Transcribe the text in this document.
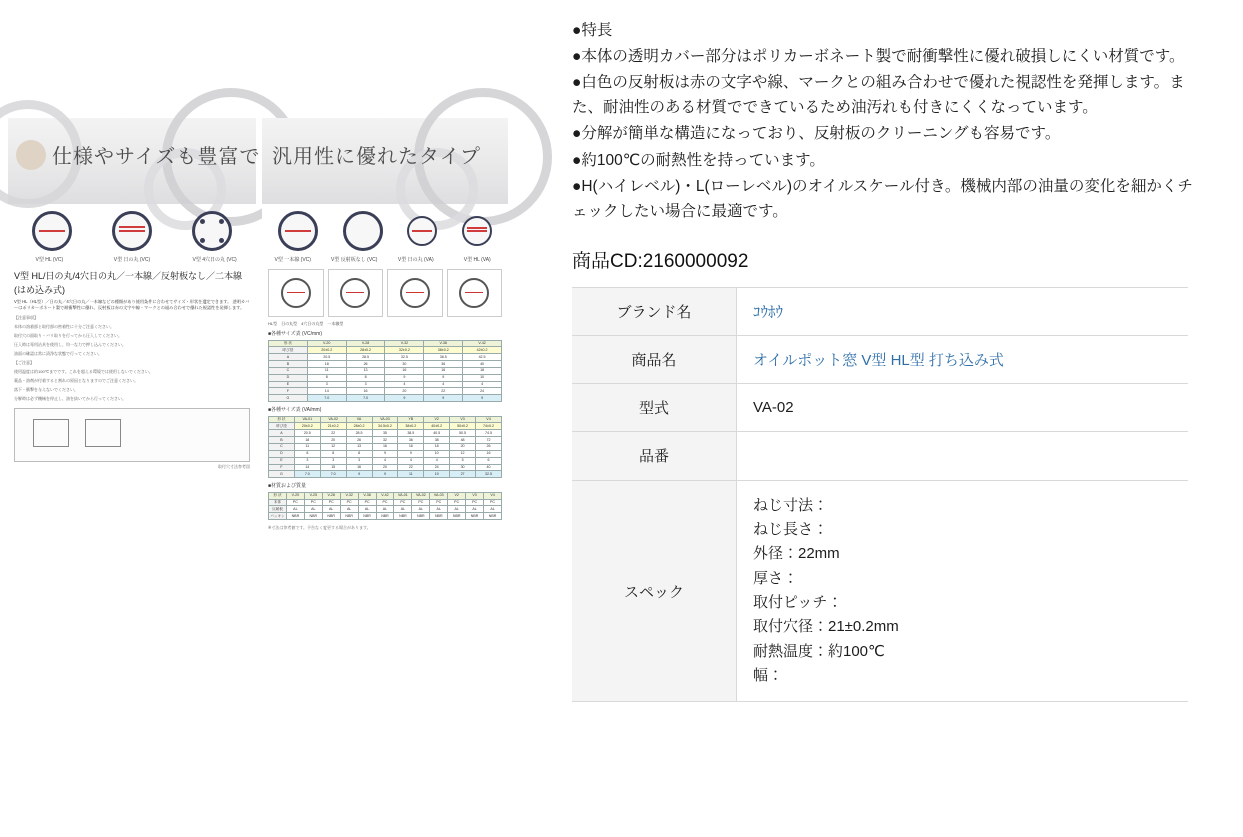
仕様やサイズも豊富で
V型 HL (VC)	V型 日の丸 (VC)	V型 4穴日の丸 (VC)
V型 HL/日の丸/4穴日の丸／一本線／反射板なし／二本線 (はめ込み式)

V型 HL（HL型）／日の丸／4穴日の丸／一本線などの種類があり使用条件に合わせてサイズ・形状を選定できます。 透明カバーはポリカーボネート製で耐衝撃性に優れ、反射板は赤の文字や線・マークとの組み合わせで優れた視認性を発揮します。

【注意事項】

本体の溶着部と取付部の密着性に十分ご注意ください。

取付穴の面取り・バリ取りを行ってから圧入してください。

圧入時は専用治具を使用し、均一な力で押し込んでください。

油面の確認は常に清浄な状態で行ってください。

【ご注意】

使用温度は約100℃までです。これを超える環境では使用しないでください。

薬品・溶剤が付着すると割れの原因となりますのでご注意ください。

落下・衝撃を与えないでください。

分解時は必ず機械を停止し、油を抜いてから行ってください。

取付穴寸法参考図
汎用性に優れたタイプ
V型 一本線 (VC)	V型 反射板なし (VC)	V型 日の丸 (VA)	V型 HL (VA)
HL型 日の丸型 4穴日の丸型 一本線型
■各種サイズ表 (VC/mm)
形 状	V-20	V-28	V-32	V-38	V-42
呼び径	20±0.2	28±0.2	32±0.2	38±0.2	42±0.2
A	20.5	28.5	32.5	38.5	42.5
B	18	26	30	36	40
C	11	13	16	16	18
D	8	8	9	9	10
E	3	3	4	4	4
F	14	16	20	22	24
G	7.0	7.0	9	9	9
■各種サイズ表 (VA/mm)
形 状	VA-01	VA-02	VA	VA-03	YB	V2	V3	V4
呼び径	20±0.2	21±0.2	28±0.2	34.5±0.2	38±0.2	40±0.2	50±0.2	74±0.2
A	20.5	22	28.5	35	38.5	40.5	50.5	74.5
B	18	20	26	32	36	38	48	72
C	11	12	13	16	16	18	20	26
D	8	8	8	9	9	10	12	16
E	3	3	3	4	4	4	5	6
F	14	15	16	20	22	24	30	40
G	7.0	7.0	9	9	11	19	27	32.5
■材質および質量
形 状	V-20	V-25	V-28	V-32	V-38	V-42	VA-01	VA-02	VA-03	V2	V3	V4
本体	PC	PC	PC	PC	PC	PC	PC	PC	PC	PC	PC	PC
反射板	AL	AL	AL	AL	AL	AL	AL	AL	AL	AL	AL	AL
パッキン	NBR	NBR	NBR	NBR	NBR	NBR	NBR	NBR	NBR	NBR	NBR	NBR
※寸法は参考値です。予告なく変更する場合があります。

●特長

●本体の透明カバー部分はポリカーボネート製で耐衝撃性に優れ破損しにくい材質です。

●白色の反射板は赤の文字や線、マークとの組み合わせで優れた視認性を発揮します。また、耐油性のある材質でできているため油汚れも付きにくくなっています。

●分解が簡単な構造になっており、反射板のクリーニングも容易です。

●約100℃の耐熱性を持っています。

●H(ハイレベル)・L(ローレベル)のオイルスケール付き。機械内部の油量の変化を細かくチェックしたい場合に最適です。

商品CD:2160000092
ブランド名	ｺｳﾎｳ
商品名	オイルポット窓 V型 HL型 打ち込み式
型式	VA-02
品番	
スペック	
ねじ寸法：
ねじ長さ：
外径：22mm
厚さ：
取付ピッチ：
取付穴径：21±0.2mm
耐熱温度：約100℃
幅：
